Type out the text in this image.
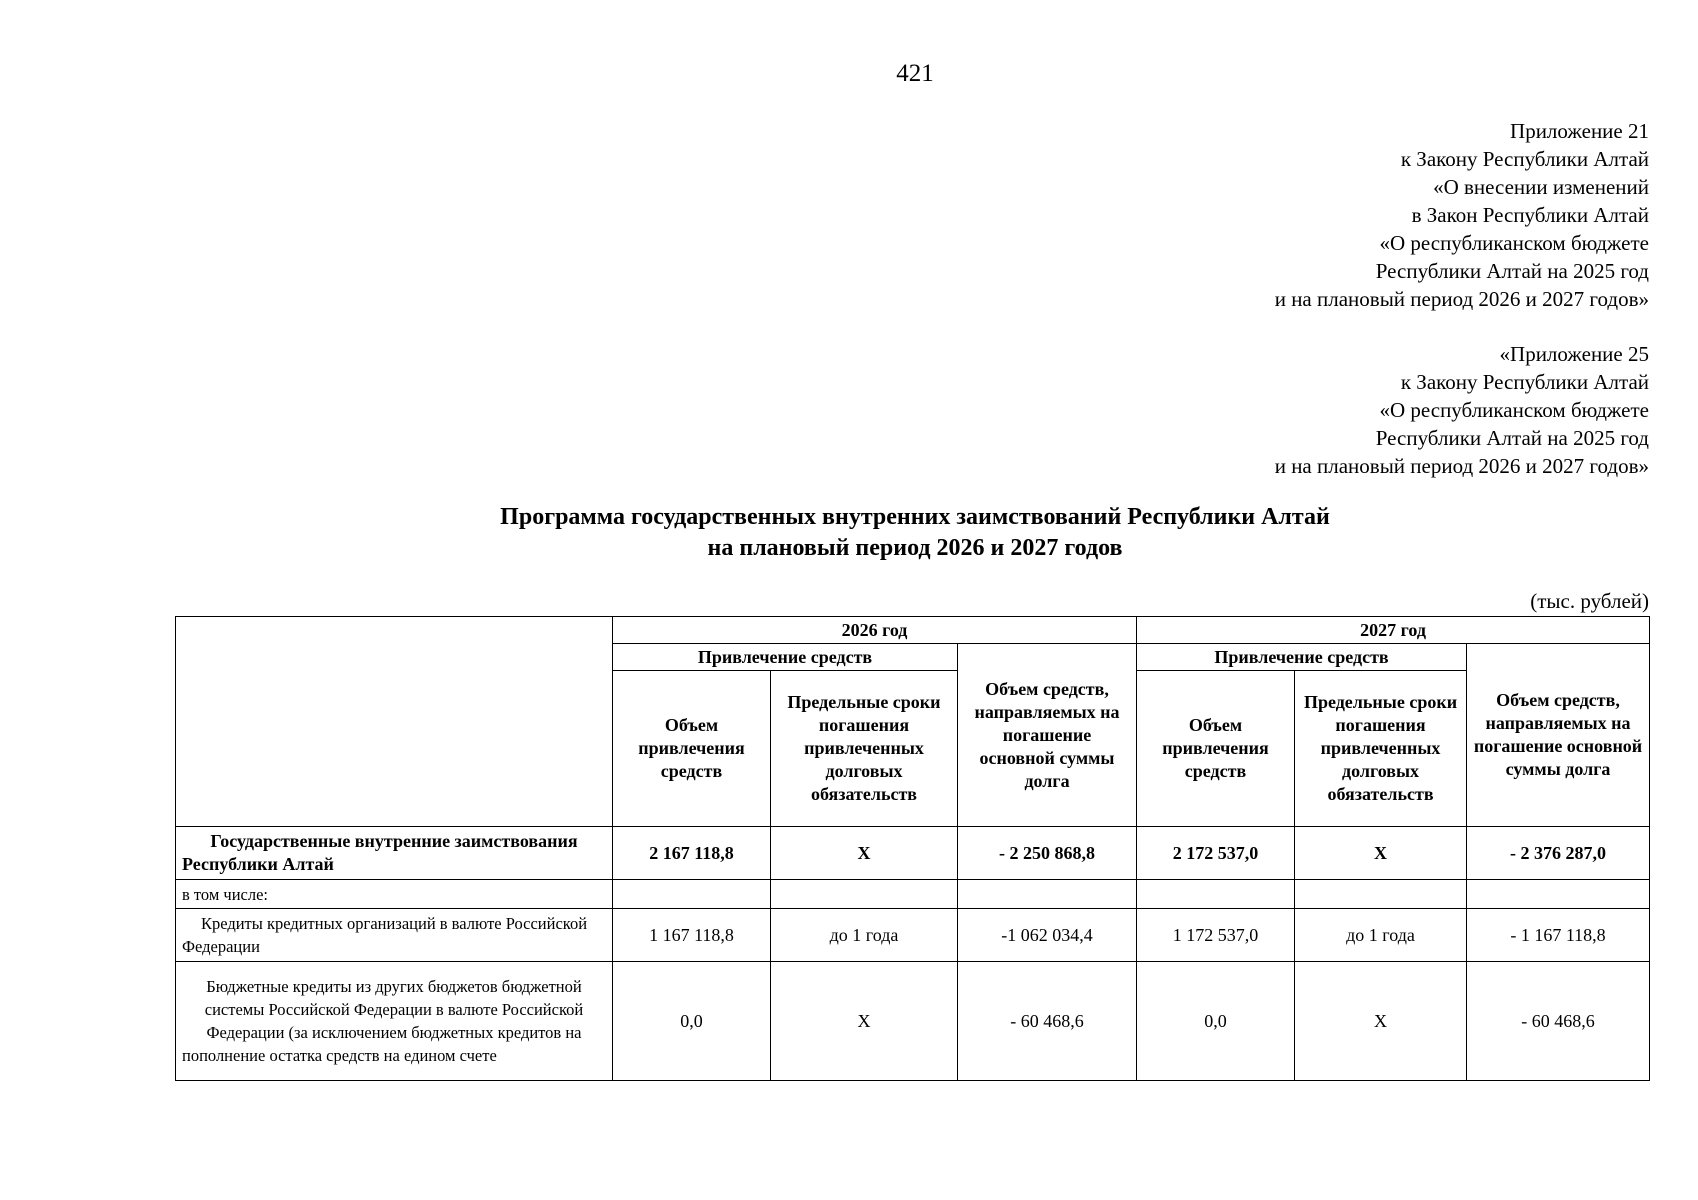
421
Приложение 21
к Закону Республики Алтай
«О внесении изменений
в Закон Республики Алтай
«О республиканском бюджете
Республики Алтай на 2025 год
и на плановый период 2026 и 2027 годов»
«Приложение 25
к Закону Республики Алтай
«О республиканском бюджете
Республики Алтай на 2025 год
и на плановый период 2026 и 2027 годов»
Программа государственных внутренних заимствований Республики Алтай
на плановый период 2026 и 2027 годов
(тыс. рублей)
	2026 год			2027 год		
	Привлечение средств		Объем средств, направляемых на погашение основной суммы долга	Привлечение средств		Объем средств, направляемых на погашение основной суммы долга
	Объем привлечения средств	Предельные сроки погашения привлеченных долговых обязательств		Объем привлечения средств	Предельные сроки погашения привлеченных долговых обязательств	
Государственные внутренние заимствования Республики Алтай	2 167 118,8	X	- 2 250 868,8	2 172 537,0	X	- 2 376 287,0
в том числе:						
Кредиты кредитных организаций в валюте Российской Федерации	1 167 118,8	до 1 года	-1 062 034,4	1 172 537,0	до 1 года	- 1 167 118,8
Бюджетные кредиты из других бюджетов бюджетной системы Российской Федерации в валюте Российской Федерации (за исключением бюджетных кредитов на пополнение остатка средств на едином счете	0,0	X	- 60 468,6	0,0	X	- 60 468,6
